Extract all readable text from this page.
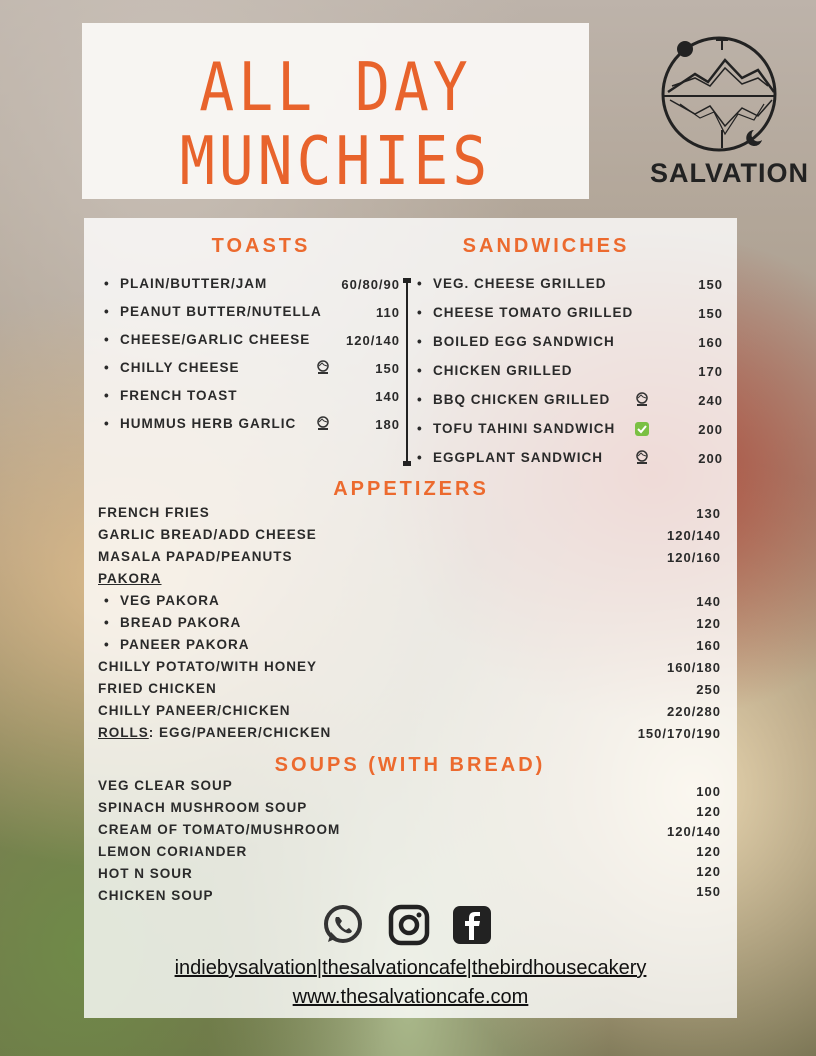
ALL DAY
MUNCHIES	SALVATION
TOASTS
• PLAIN/BUTTER/JAM	60/80/90
• PEANUT BUTTER/NUTELLA	110
• CHEESE/GARLIC CHEESE	120/140
• CHILLY CHEESE	150
• FRENCH TOAST	140
• HUMMUS HERB GARLIC	180
SANDWICHES
• VEG. CHEESE GRILLED	150
• CHEESE TOMATO GRILLED	150
• BOILED EGG SANDWICH	160
• CHICKEN GRILLED	170
• BBQ CHICKEN GRILLED	240
• TOFU TAHINI SANDWICH	200
• EGGPLANT SANDWICH	200
APPETIZERS
FRENCH FRIES	130
GARLIC BREAD/ADD CHEESE	120/140
MASALA PAPAD/PEANUTS	120/160
PAKORA
• VEG PAKORA	140
• BREAD PAKORA	120
• PANEER PAKORA	160
CHILLY POTATO/WITH HONEY	160/180
FRIED CHICKEN	250
CHILLY PANEER/CHICKEN	220/280
ROLLS: EGG/PANEER/CHICKEN	150/170/190
SOUPS (WITH BREAD)
VEG CLEAR SOUP	100
SPINACH MUSHROOM SOUP	120
CREAM OF TOMATO/MUSHROOM	120/140
LEMON CORIANDER	120
HOT N SOUR	120
CHICKEN SOUP	150
indiebysalvation|thesalvationcafe|thebirdhousecakery
www.thesalvationcafe.com
